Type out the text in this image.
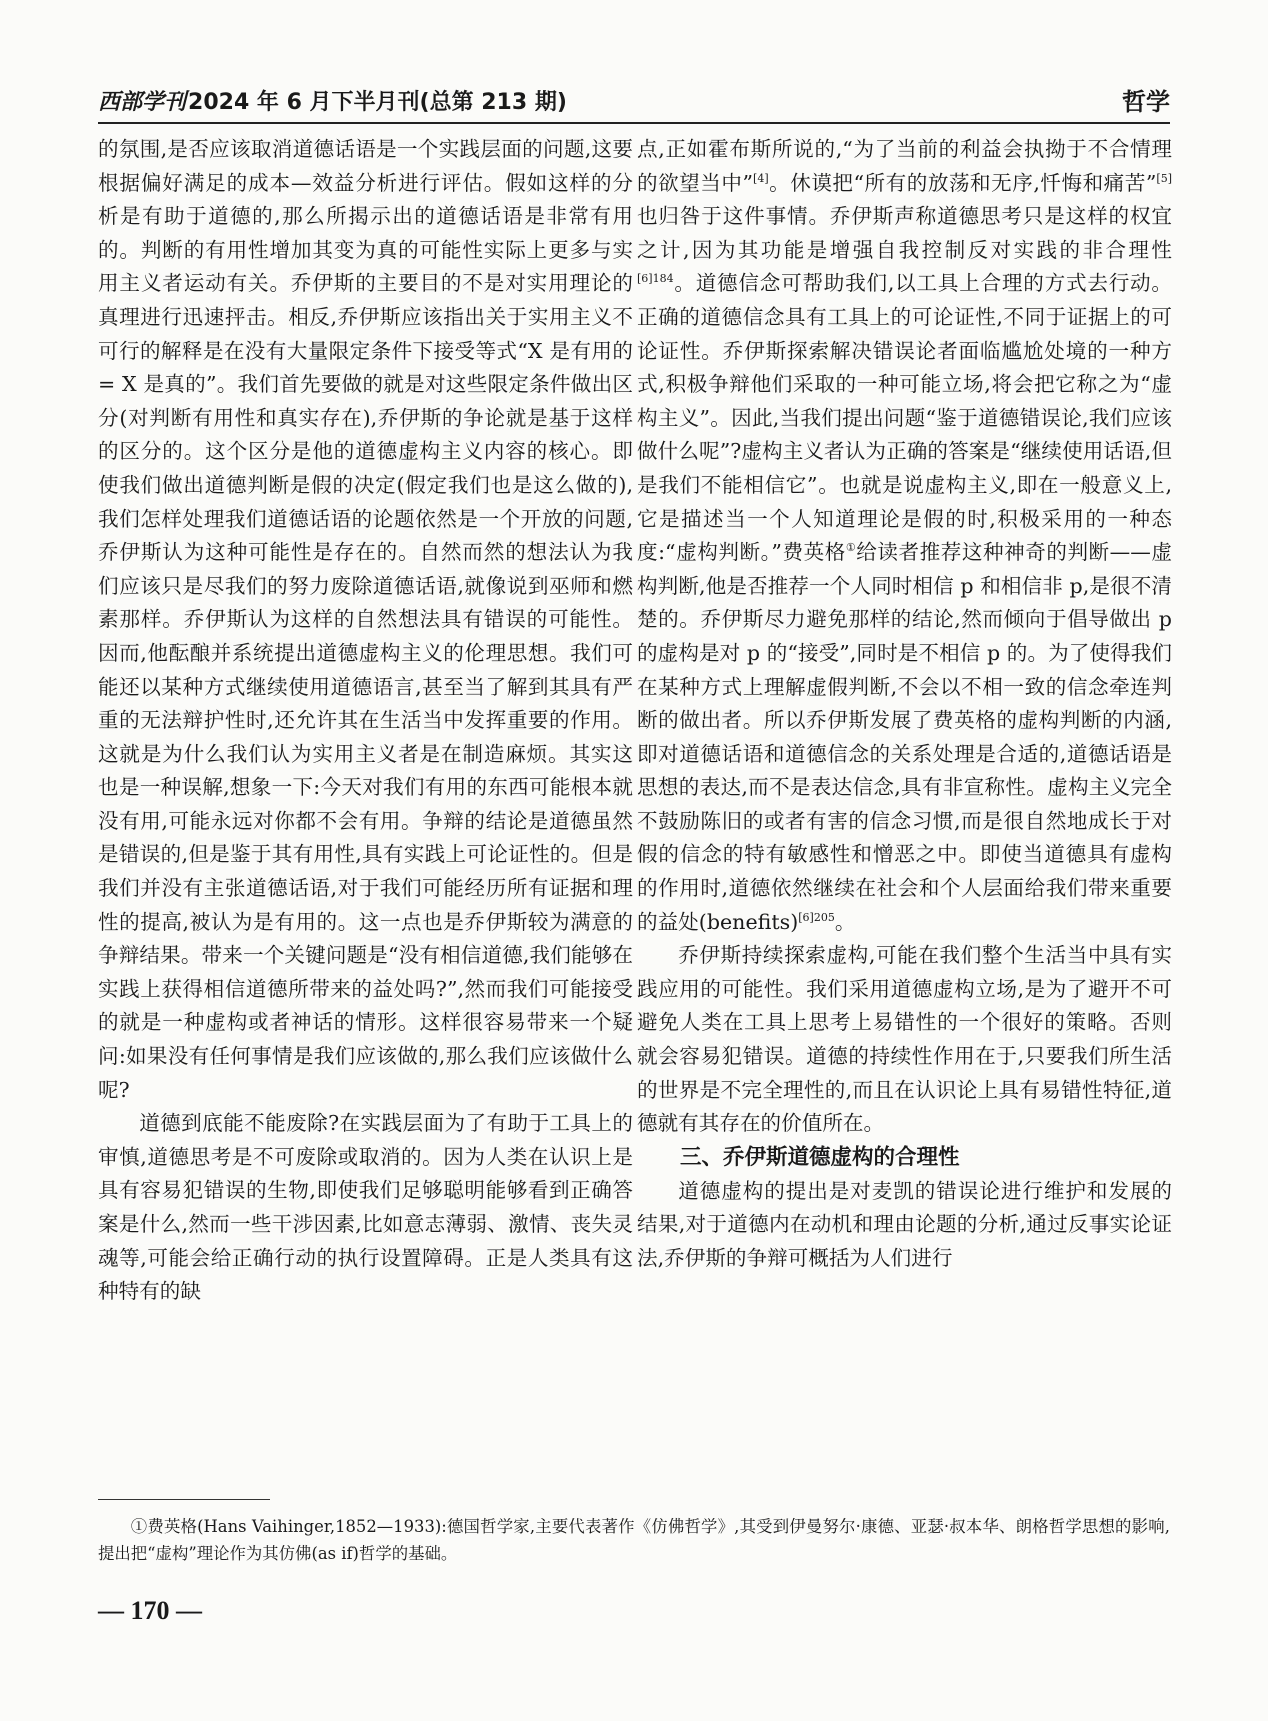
西部学刊2024 年 6 月下半月刊(总第 213 期)	哲学

的氛围,是否应该取消道德话语是一个实践层面的问题,这要根据偏好满足的成本—效益分析进行评估。假如这样的分析是有助于道德的,那么所揭示出的道德话语是非常有用的。判断的有用性增加其变为真的可能性实际上更多与实用主义者运动有关。乔伊斯的主要目的不是对实用理论的真理进行迅速抨击。相反,乔伊斯应该指出关于实用主义不可行的解释是在没有大量限定条件下接受等式“X 是有用的 = X 是真的”。我们首先要做的就是对这些限定条件做出区分(对判断有用性和真实存在),乔伊斯的争论就是基于这样的区分的。这个区分是他的道德虚构主义内容的核心。即使我们做出道德判断是假的决定(假定我们也是这么做的),我们怎样处理我们道德话语的论题依然是一个开放的问题,乔伊斯认为这种可能性是存在的。自然而然的想法认为我们应该只是尽我们的努力废除道德话语,就像说到巫师和燃素那样。乔伊斯认为这样的自然想法具有错误的可能性。因而,他酝酿并系统提出道德虚构主义的伦理思想。我们可能还以某种方式继续使用道德语言,甚至当了解到其具有严重的无法辩护性时,还允许其在生活当中发挥重要的作用。这就是为什么我们认为实用主义者是在制造麻烦。其实这也是一种误解,想象一下:今天对我们有用的东西可能根本就没有用,可能永远对你都不会有用。争辩的结论是道德虽然是错误的,但是鉴于其有用性,具有实践上可论证性的。但是我们并没有主张道德话语,对于我们可能经历所有证据和理性的提高,被认为是有用的。这一点也是乔伊斯较为满意的争辩结果。带来一个关键问题是“没有相信道德,我们能够在实践上获得相信道德所带来的益处吗?”,然而我们可能接受的就是一种虚构或者神话的情形。这样很容易带来一个疑问:如果没有任何事情是我们应该做的,那么我们应该做什么呢?

道德到底能不能废除?在实践层面为了有助于工具上的审慎,道德思考是不可废除或取消的。因为人类在认识上是具有容易犯错误的生物,即使我们足够聪明能够看到正确答案是什么,然而一些干涉因素,比如意志薄弱、激情、丧失灵魂等,可能会给正确行动的执行设置障碍。正是人类具有这种特有的缺

点,正如霍布斯所说的,“为了当前的利益会执拗于不合情理的欲望当中”[4]。休谟把“所有的放荡和无序,忏悔和痛苦”[5]也归咎于这件事情。乔伊斯声称道德思考只是这样的权宜之计,因为其功能是增强自我控制反对实践的非合理性$^{[6]184}$。道德信念可帮助我们,以工具上合理的方式去行动。正确的道德信念具有工具上的可论证性,不同于证据上的可论证性。乔伊斯探索解决错误论者面临尴尬处境的一种方式,积极争辩他们采取的一种可能立场,将会把它称之为“虚构主义”。因此,当我们提出问题“鉴于道德错误论,我们应该做什么呢”?虚构主义者认为正确的答案是“继续使用话语,但是我们不能相信它”。也就是说虚构主义,即在一般意义上,它是描述当一个人知道理论是假的时,积极采用的一种态度:“虚构判断。”费英格①给读者推荐这种神奇的判断——虚构判断,他是否推荐一个人同时相信 p 和相信非 p,是很不清楚的。乔伊斯尽力避免那样的结论,然而倾向于倡导做出 p 的虚构是对 p 的“接受”,同时是不相信 p 的。为了使得我们在某种方式上理解虚假判断,不会以不相一致的信念牵连判断的做出者。所以乔伊斯发展了费英格的虚构判断的内涵,即对道德话语和道德信念的关系处理是合适的,道德话语是思想的表达,而不是表达信念,具有非宣称性。虚构主义完全不鼓励陈旧的或者有害的信念习惯,而是很自然地成长于对假的信念的特有敏感性和憎恶之中。即使当道德具有虚构的作用时,道德依然继续在社会和个人层面给我们带来重要的益处(benefits)$^{[6]205}$。

乔伊斯持续探索虚构,可能在我们整个生活当中具有实践应用的可能性。我们采用道德虚构立场,是为了避开不可避免人类在工具上思考上易错性的一个很好的策略。否则就会容易犯错误。道德的持续性作用在于,只要我们所生活的世界是不完全理性的,而且在认识论上具有易错性特征,道德就有其存在的价值所在。

三、乔伊斯道德虚构的合理性

道德虚构的提出是对麦凯的错误论进行维护和发展的结果,对于道德内在动机和理由论题的分析,通过反事实论证法,乔伊斯的争辩可概括为人们进行

①费英格(Hans Vaihinger,1852—1933):德国哲学家,主要代表著作《仿佛哲学》,其受到伊曼努尔·康德、亚瑟·叔本华、朗格哲学思想的影响,提出把“虚构”理论作为其仿佛(as if)哲学的基础。
— 170 —
